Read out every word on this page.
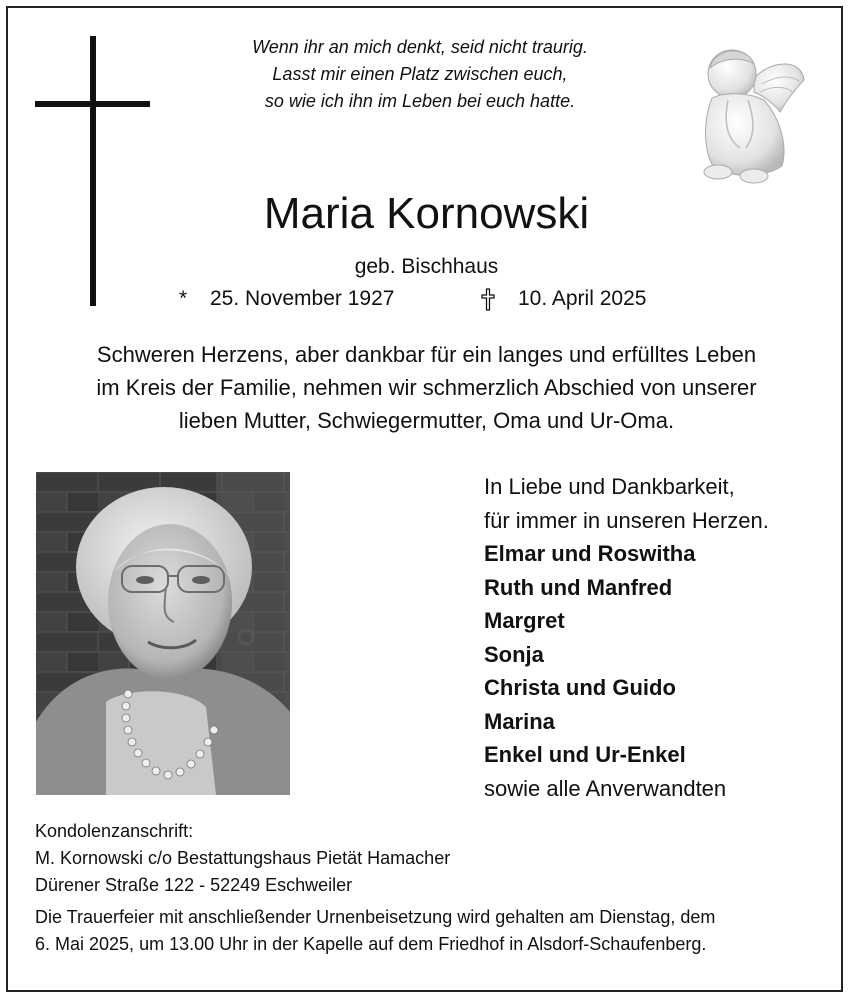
Wenn ihr an mich denkt, seid nicht traurig.
Lasst mir einen Platz zwischen euch,
so wie ich ihn im Leben bei euch hatte.
Maria Kornowski
geb. Bischhaus
* 25. November 1927	10. April 2025
Schweren Herzens, aber dankbar für ein langes und erfülltes Leben
im Kreis der Familie, nehmen wir schmerzlich Abschied von unserer
lieben Mutter, Schwiegermutter, Oma und Ur-Oma.
In Liebe und Dankbarkeit,
für immer in unseren Herzen.
Elmar und Roswitha
Ruth und Manfred
Margret
Sonja
Christa und Guido
Marina
Enkel und Ur-Enkel
sowie alle Anverwandten
Kondolenzanschrift:
M. Kornowski c/o Bestattungshaus Pietät Hamacher
Dürener Straße 122 - 52249 Eschweiler
Die Trauerfeier mit anschließender Urnenbeisetzung wird gehalten am Dienstag, dem
6. Mai 2025, um 13.00 Uhr in der Kapelle auf dem Friedhof in Alsdorf-Schaufenberg.
